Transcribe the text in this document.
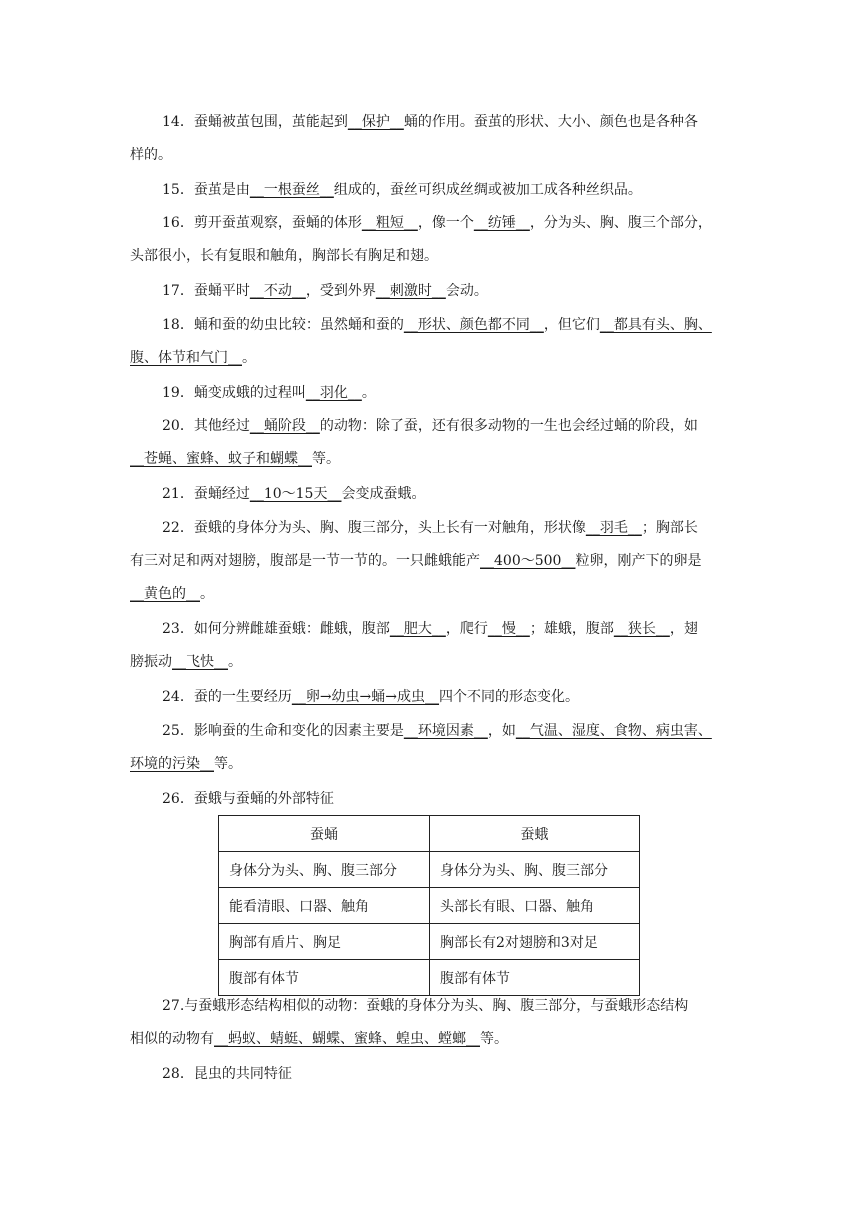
14．蚕蛹被茧包围，茧能起到__保护__蛹的作用。蚕茧的形状、大小、颜色也是各种各
样的。
15．蚕茧是由__一根蚕丝__组成的，蚕丝可织成丝绸或被加工成各种丝织品。
16．剪开蚕茧观察，蚕蛹的体形__粗短__，像一个__纺锤__，分为头、胸、腹三个部分，
头部很小，长有复眼和触角，胸部长有胸足和翅。
17．蚕蛹平时__不动__，受到外界__刺激时__会动。
18．蛹和蚕的幼虫比较：虽然蛹和蚕的__形状、颜色都不同__，但它们__都具有头、胸、
腹、体节和气门__。
19．蛹变成蛾的过程叫__羽化__。
20．其他经过__蛹阶段__的动物：除了蚕，还有很多动物的一生也会经过蛹的阶段，如
__苍蝇、蜜蜂、蚊子和蝴蝶__等。
21．蚕蛹经过__10～15天__会变成蚕蛾。
22．蚕蛾的身体分为头、胸、腹三部分，头上长有一对触角，形状像__羽毛__；胸部长
有三对足和两对翅膀，腹部是一节一节的。一只雌蛾能产__400～500__粒卵，刚产下的卵是
__黄色的__。
23．如何分辨雌雄蚕蛾：雌蛾，腹部__肥大__，爬行__慢__；雄蛾，腹部__狭长__，翅
膀振动__飞快__。
24．蚕的一生要经历__卵→幼虫→蛹→成虫__四个不同的形态变化。
25．影响蚕的生命和变化的因素主要是__环境因素__，如__气温、湿度、食物、病虫害、
环境的污染__等。
26．蚕蛾与蚕蛹的外部特征
蚕蛹	蚕蛾
身体分为头、胸、腹三部分	身体分为头、胸、腹三部分
能看清眼、口器、触角	头部长有眼、口器、触角
胸部有盾片、胸足	胸部长有2对翅膀和3对足
腹部有体节	腹部有体节
27.与蚕蛾形态结构相似的动物：蚕蛾的身体分为头、胸、腹三部分，与蚕蛾形态结构
相似的动物有__蚂蚁、蜻蜓、蝴蝶、蜜蜂、蝗虫、螳螂__等。
28．昆虫的共同特征
